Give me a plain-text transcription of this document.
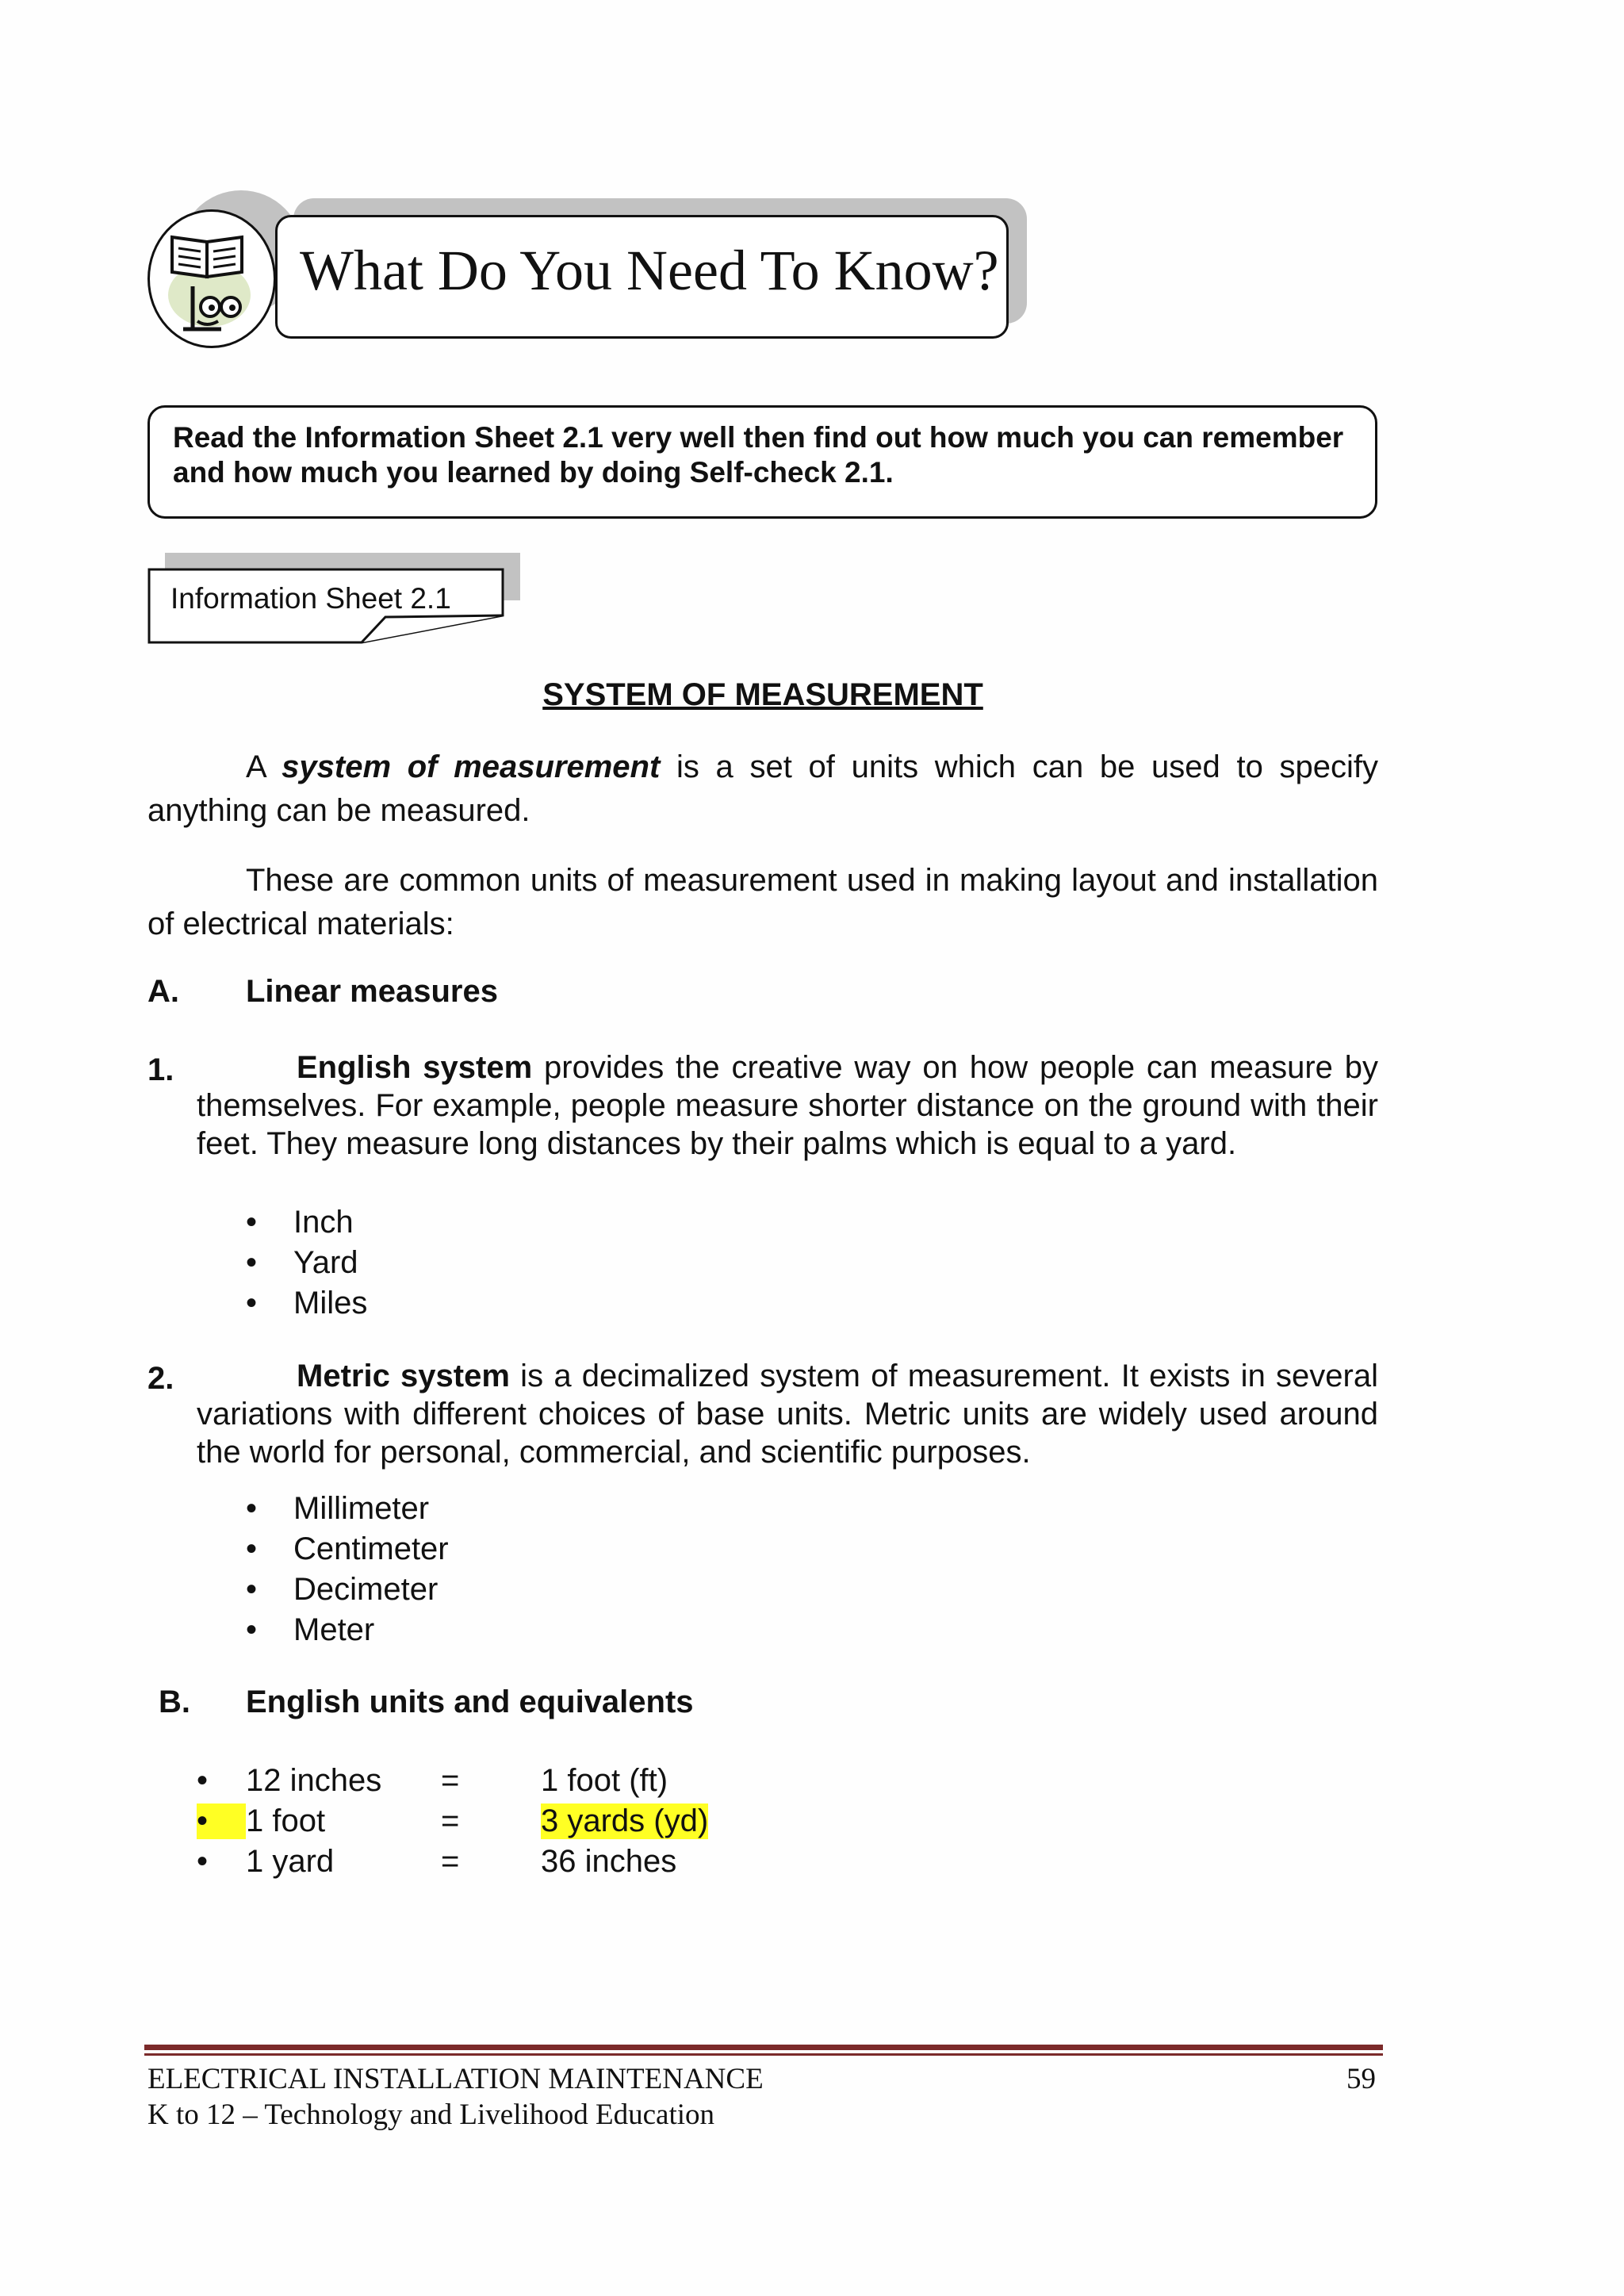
What Do You Need To Know?
Read the Information Sheet 2.1 very well then find out how much you can remember and how much you learned by doing Self-check 2.1.
Information Sheet 2.1
SYSTEM OF MEASUREMENT
A system of measurement is a set of units which can be used to specify anything can be measured.
These are common units of measurement used in making layout and installation of electrical materials:
A. Linear measures
1.	English system provides the creative way on how people can measure by themselves. For example, people measure shorter distance on the ground with their feet. They measure long distances by their palms which is equal to a yard.
• Inch
• Yard
• Miles
2.	Metric system is a decimalized system of measurement. It exists in several variations with different choices of base units. Metric units are widely used around the world for personal, commercial, and scientific purposes.
• Millimeter
• Centimeter
• Decimeter
• Meter
B. English units and equivalents
• 12 inches =	1 foot (ft)
•	1 foot	=	3 yards (yd)
• 1 yard	=	36 inches
ELECTRICAL INSTALLATION MAINTENANCE
K to 12 – Technology and Livelihood Education
59
